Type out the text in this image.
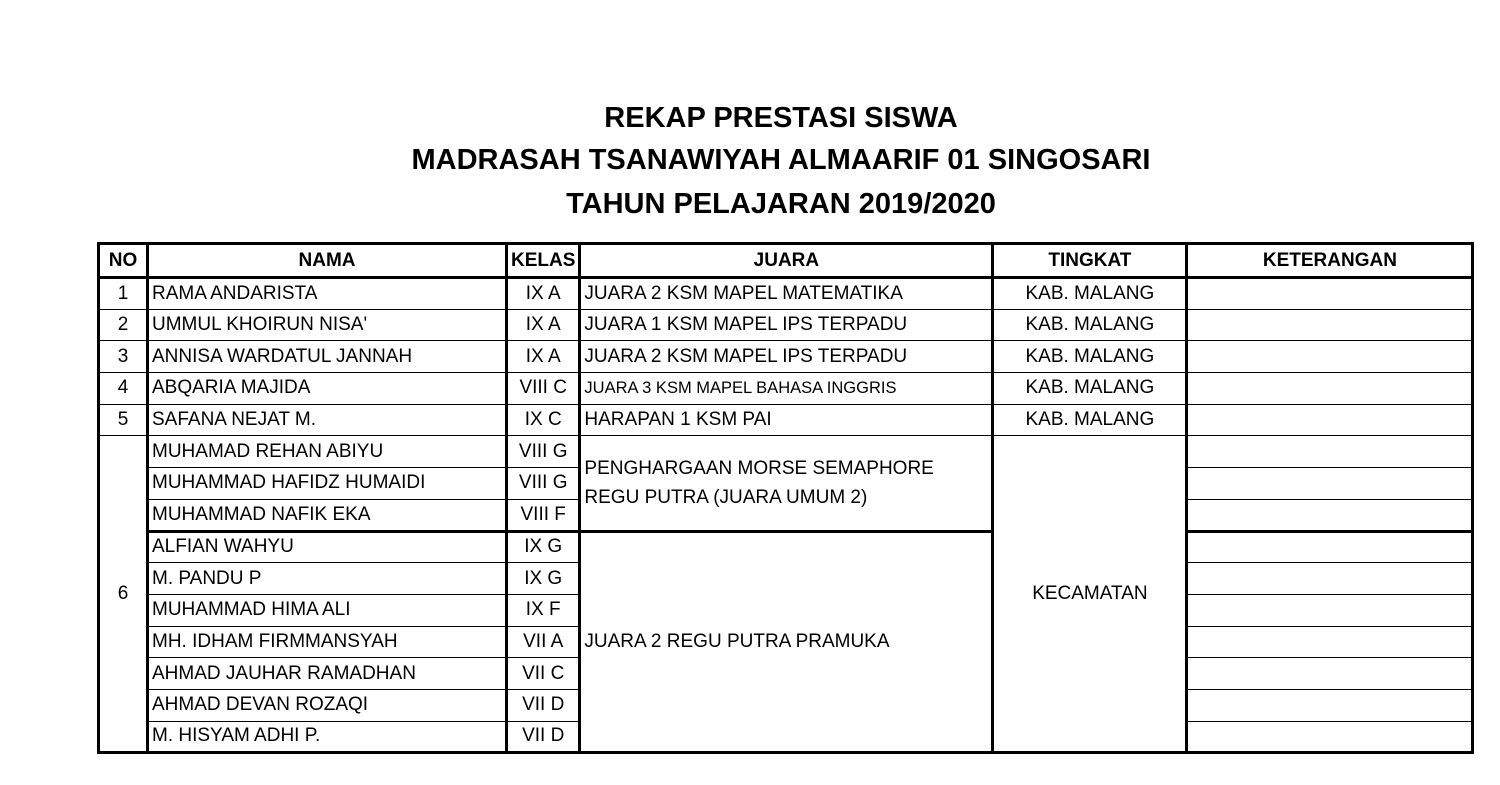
REKAP PRESTASI SISWA
MADRASAH TSANAWIYAH ALMAARIF 01 SINGOSARI
TAHUN PELAJARAN 2019/2020
NO	NAMA	KELAS	JUARA	TINGKAT	KETERANGAN
1	RAMA ANDARISTA	IX A	JUARA 2 KSM MAPEL MATEMATIKA	KAB. MALANG	
2	UMMUL KHOIRUN NISA'	IX A	JUARA 1 KSM MAPEL IPS TERPADU	KAB. MALANG	
3	ANNISA WARDATUL JANNAH	IX A	JUARA 2 KSM MAPEL IPS TERPADU	KAB. MALANG	
4	ABQARIA MAJIDA	VIII C	JUARA 3 KSM MAPEL BAHASA INGGRIS	KAB. MALANG	
5	SAFANA NEJAT M.	IX C	HARAPAN 1 KSM PAI	KAB. MALANG	
6	MUHAMAD REHAN ABIYU	VIII G	PENGHARGAAN MORSE SEMAPHORE REGU PUTRA (JUARA UMUM 2)	KECAMATAN	
	MUHAMMAD HAFIDZ HUMAIDI	VIII G			
	MUHAMMAD NAFIK EKA	VIII F			
	ALFIAN WAHYU	IX G	JUARA 2 REGU PUTRA PRAMUKA		
	M. PANDU P	IX G			
	MUHAMMAD HIMA ALI	IX F			
	MH. IDHAM FIRMMANSYAH	VII A			
	AHMAD JAUHAR RAMADHAN	VII C			
	AHMAD DEVAN ROZAQI	VII D			
	M. HISYAM ADHI P.	VII D			
